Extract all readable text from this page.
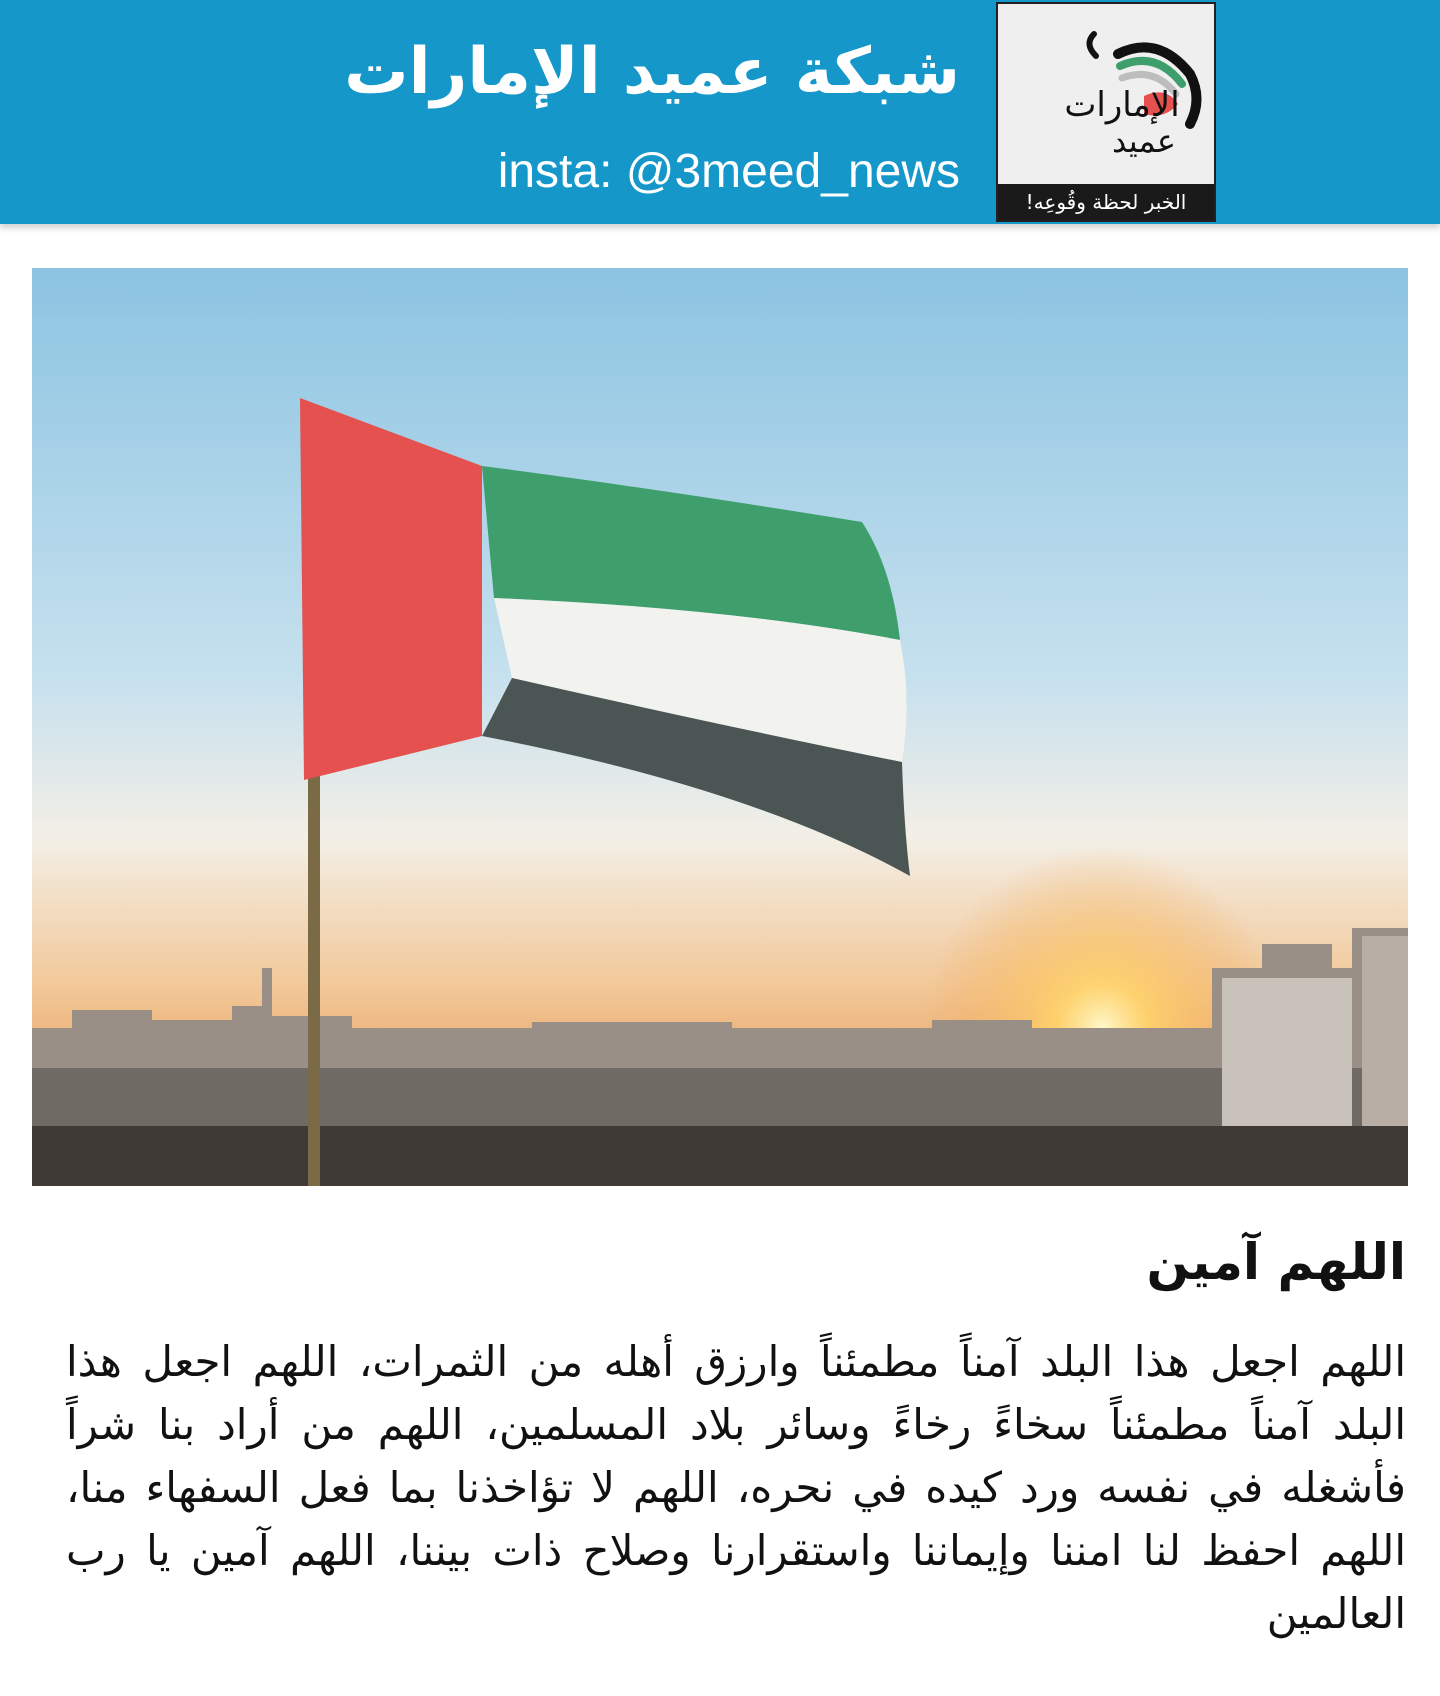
شبكة عميد الإمارات
insta: @3meed_news
الإمارات
عميد
الخبر لحظة وقُوعِه!
اللهم آمين
اللهم اجعل هذا البلد آمناً مطمئناً وارزق أهله من الثمرات، اللهم اجعل هذا البلد آمناً مطمئناً سخاءً رخاءً وسائر بلاد المسلمين، اللهم من أراد بنا شراً فأشغله في نفسه ورد كيده في نحره، اللهم لا تؤاخذنا بما فعل السفهاء منا، اللهم احفظ لنا امننا وإيماننا واستقرارنا وصلاح ذات بيننا، اللهم آمين يا رب العالمين
